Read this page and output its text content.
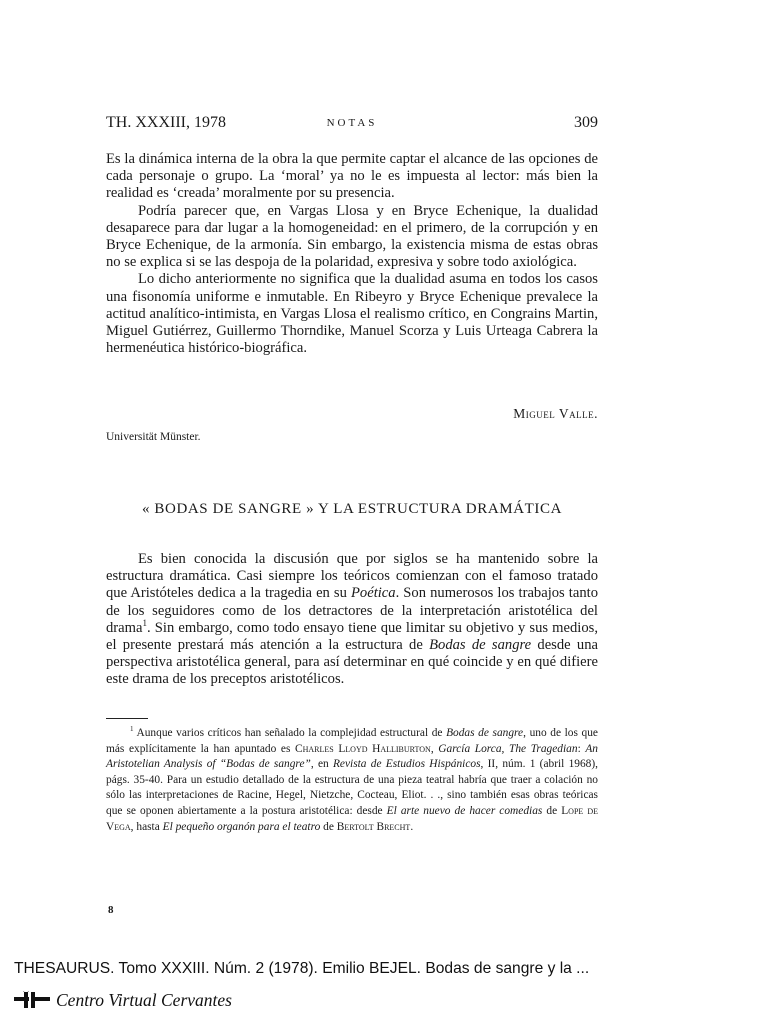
TH. XXXIII, 1978	NOTAS	309

Es la dinámica interna de la obra la que permite captar el alcance de las opciones de cada personaje o grupo. La ‘moral’ ya no le es impuesta al lector: más bien la realidad es ‘creada’ moralmente por su presencia.

Podría parecer que, en Vargas Llosa y en Bryce Echenique, la dualidad desaparece para dar lugar a la homogeneidad: en el primero, de la corrupción y en Bryce Echenique, de la armonía. Sin embargo, la existencia misma de estas obras no se explica si se las despoja de la polaridad, expresiva y sobre todo axiológica.

Lo dicho anteriormente no significa que la dualidad asuma en todos los casos una fisonomía uniforme e inmutable. En Ribeyro y Bryce Echenique prevalece la actitud analítico-intimista, en Vargas Llosa el realismo crítico, en Congrains Martin, Miguel Gutiérrez, Guillermo Thorndike, Manuel Scorza y Luis Urteaga Cabrera la hermenéutica histórico-biográfica.

Miguel Valle.
Universität Münster.
« BODAS DE SANGRE » Y LA ESTRUCTURA DRAMÁTICA

Es bien conocida la discusión que por siglos se ha mantenido sobre la estructura dramática. Casi siempre los teóricos comienzan con el famoso tratado que Aristóteles dedica a la tragedia en su Poética. Son numerosos los trabajos tanto de los seguidores como de los detractores de la interpretación aristotélica del drama$^1$. Sin embargo, como todo ensayo tiene que limitar su objetivo y sus medios, el presente prestará más atención a la estructura de Bodas de sangre desde una perspectiva aristotélica general, para así determinar en qué coincide y en qué difiere este drama de los preceptos aristotélicos.

$^1$ Aunque varios críticos han señalado la complejidad estructural de Bodas de sangre, uno de los que más explícitamente la han apuntado es Charles Lloyd Halliburton, García Lorca, The Tragedian: An Aristotelian Analysis of “Bodas de sangre”, en Revista de Estudios Hispánicos, II, núm. 1 (abril 1968), págs. 35-40. Para un estudio detallado de la estructura de una pieza teatral habría que traer a colación no sólo las interpretaciones de Racine, Hegel, Nietzche, Cocteau, Eliot. . ., sino también esas obras teóricas que se oponen abiertamente a la postura aristotélica: desde El arte nuevo de hacer comedias de Lope de Vega, hasta El pequeño organón para el teatro de Bertolt Brecht.

8
THESAURUS. Tomo XXXIII. Núm. 2 (1978). Emilio BEJEL. Bodas de sangre y la ...
Centro Virtual Cervantes
